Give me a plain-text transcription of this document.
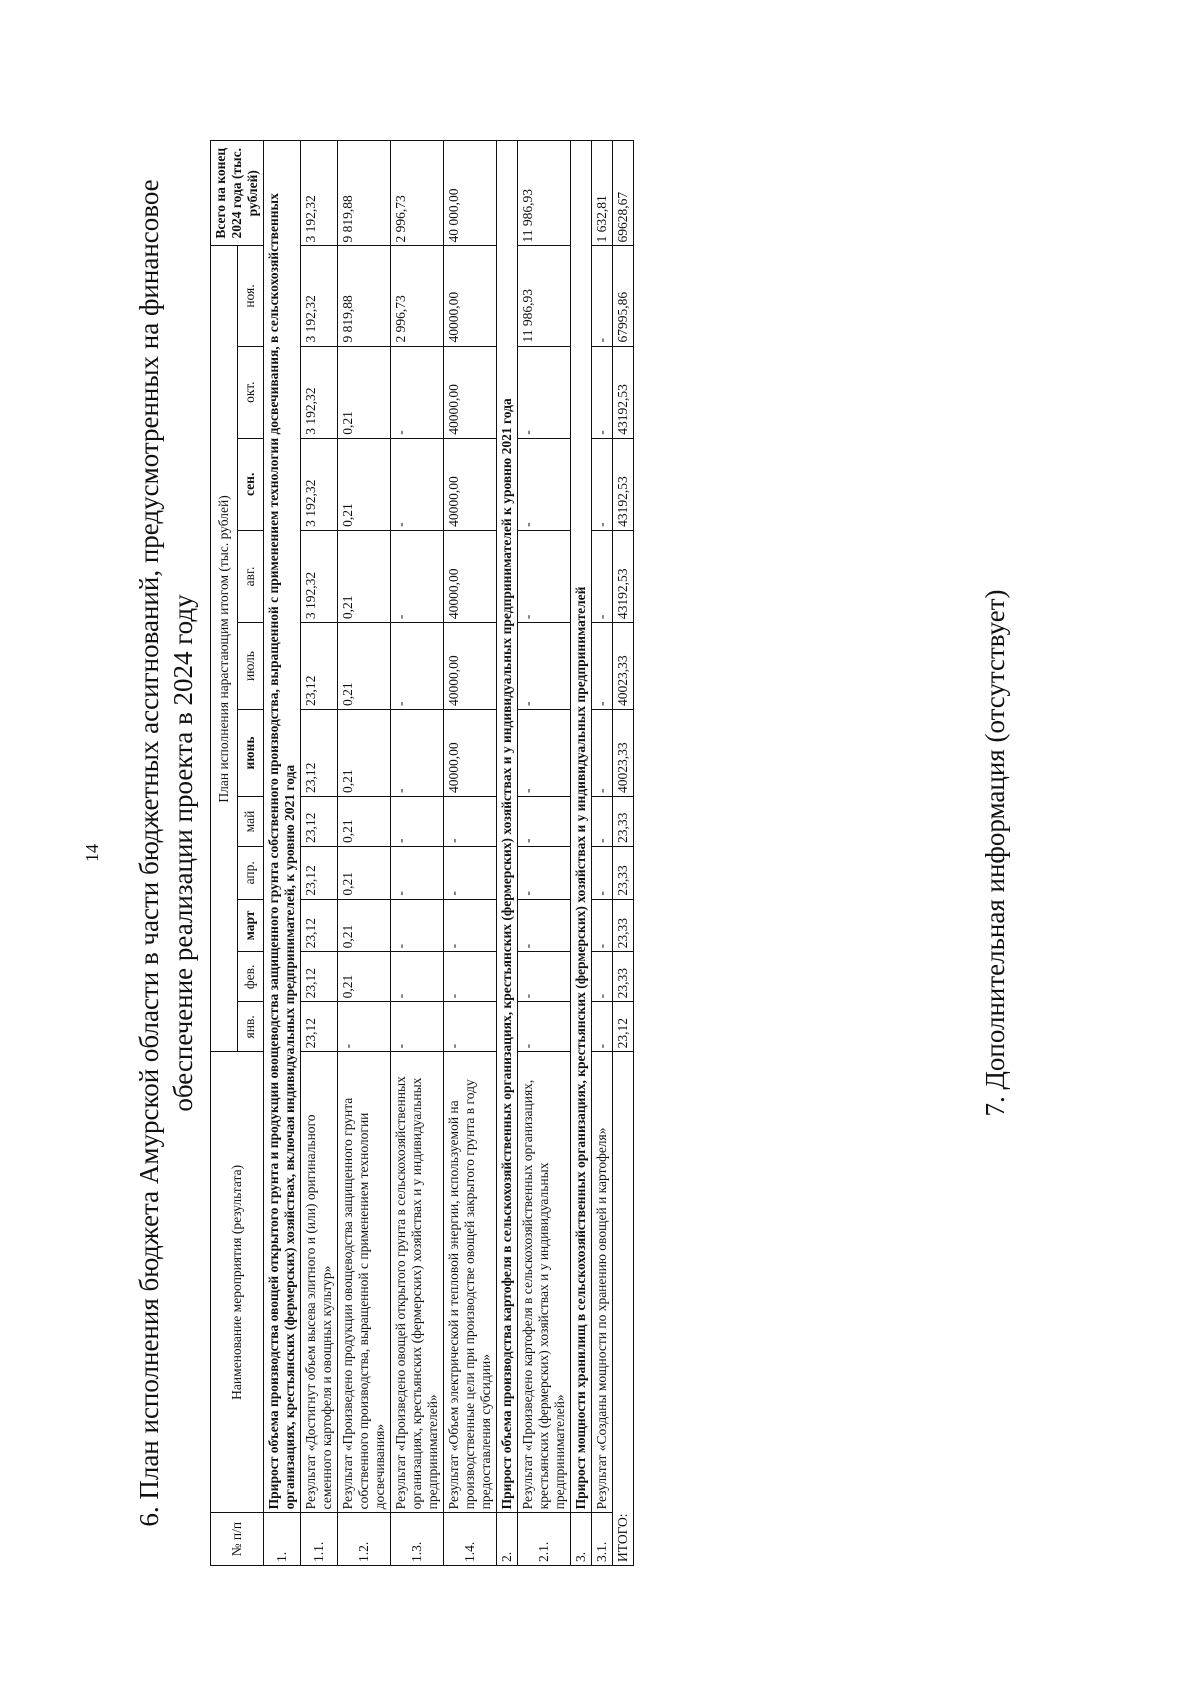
14 6. План исполнения бюджета Амурской области в части бюджетных ассигнований, предусмотренных на финансовое обеспечение реализации проекта в 2024 году
№ п/п	Наименование мероприятия (результата)	План исполнения нарастающим итогом (тыс. рублей)											Всего на конец 2024 года (тыс. рублей)
		янв.	фев.	март	апр.	май	июнь	июль	авг.	сен.	окт.	ноя.	
1.	Прирост объема производства овощей открытого грунта и продукции овощеводства защищенного грунта собственного производства, выращенной с применением технологии досвечивания, в сельскохозяйственных организациях, крестьянских (фермерских) хозяйствах, включая индивидуальных предпринимателей, к уровню 2021 года												
1.1.	Результат «Достигнут объем высева элитного и (или) оригинального семенного картофеля и овощных культур»	23,12	23,12	23,12	23,12	23,12	23,12	23,12	3 192,32	3 192,32	3 192,32	3 192,32	3 192,32
1.2.	Результат «Произведено продукции овощеводства защищенного грунта собственного производства, выращенной с применением технологии досвечивания»	-	0,21	0,21	0,21	0,21	0,21	0,21	0,21	0,21	0,21	9 819,88	9 819,88
1.3.	Результат «Произведено овощей открытого грунта в сельскохозяйственных организациях, крестьянских (фермерских) хозяйствах и у индивидуальных предпринимателей»	-	-	-	-	-	-	-	-	-	-	2 996,73	2 996,73
1.4.	Результат «Объем электрической и тепловой энергии, используемой на производственные цели при производстве овощей закрытого грунта в году предоставления субсидии»	-	-	-	-	-	40000,00	40000,00	40000,00	40000,00	40000,00	40000,00	40 000,00
2.	Прирост объема производства картофеля в сельскохозяйственных организациях, крестьянских (фермерских) хозяйствах и у индивидуальных предпринимателей к уровню 2021 года												
2.1.	Результат «Произведено картофеля в сельскохозяйственных организациях, крестьянских (фермерских) хозяйствах и у индивидуальных предпринимателей»	-	-	-	-	-	-	-	-	-	-	11 986,93	11 986,93
3.	Прирост мощности хранилищ в сельскохозяйственных организациях, крестьянских (фермерских) хозяйствах и у индивидуальных предпринимателей												
3.1.	Результат «Созданы мощности по хранению овощей и картофеля»	-	-	-	-	-	-	-	-	-	-	-	1 632,81
ИТОГО:		23,12	23,33	23,33	23,33	23,33	40023,33	40023,33	43192,53	43192,53	43192,53	67995,86	69628,67
7. Дополнительная информация (отсутствует)
